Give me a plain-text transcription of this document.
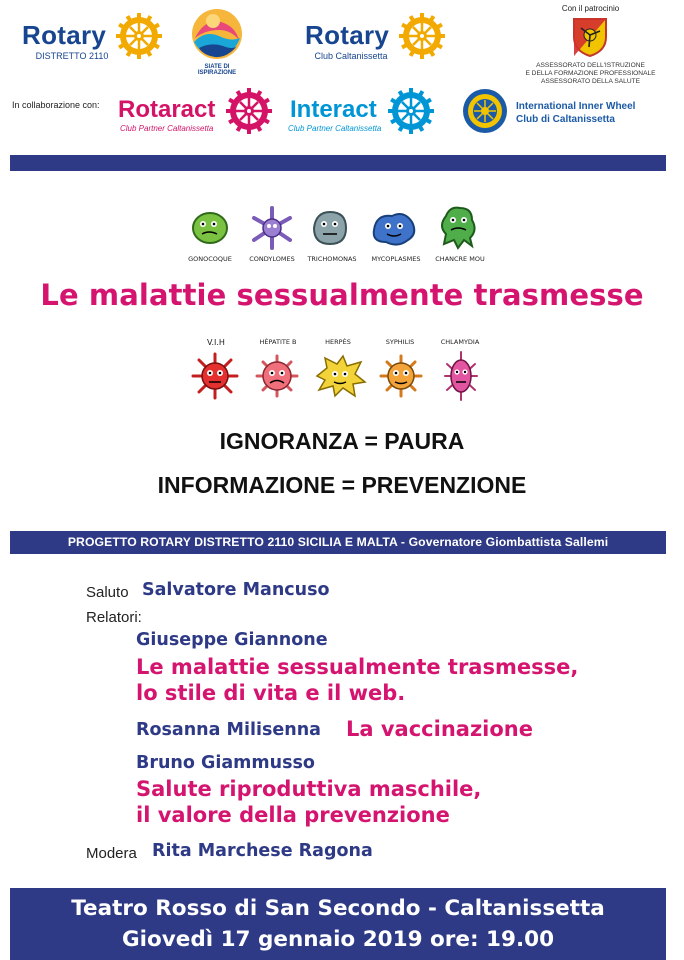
Rotary
DISTRETTO 2110
SIATE DI ISPIRAZIONE
Rotary
Club Caltanissetta
Con il patrocinio
ASSESSORATO DELL'ISTRUZIONE
E DELLA FORMAZIONE PROFESSIONALE
ASSESSORATO DELLA SALUTE
In collaborazione con: Rotaract
Club Partner Caltanissetta
Interact
Club Partner Caltanissetta
International Inner Wheel
Club di Caltanissetta
GONOCOQUE	CONDYLOMES	TRICHOMONAS	MYCOPLASMES	CHANCRE MOU
Le malattie sessualmente trasmesse
V.I.H	HÉPATITE B	HERPÈS	SYPHILIS	CHLAMYDIA
IGNORANZA = PAURA
INFORMAZIONE = PREVENZIONE
PROGETTO ROTARY DISTRETTO 2110 SICILIA E MALTA - Governatore Giombattista Sallemi
Saluto Salvatore Mancuso
Relatori:
Giuseppe Giannone
Le malattie sessualmente trasmesse,
lo stile di vita e il web.
Rosanna Milisenna La vaccinazione
Bruno Giammusso
Salute riproduttiva maschile,
il valore della prevenzione
Modera Rita Marchese Ragona
Teatro Rosso di San Secondo - Caltanissetta
Giovedì 17 gennaio 2019 ore: 19.00
